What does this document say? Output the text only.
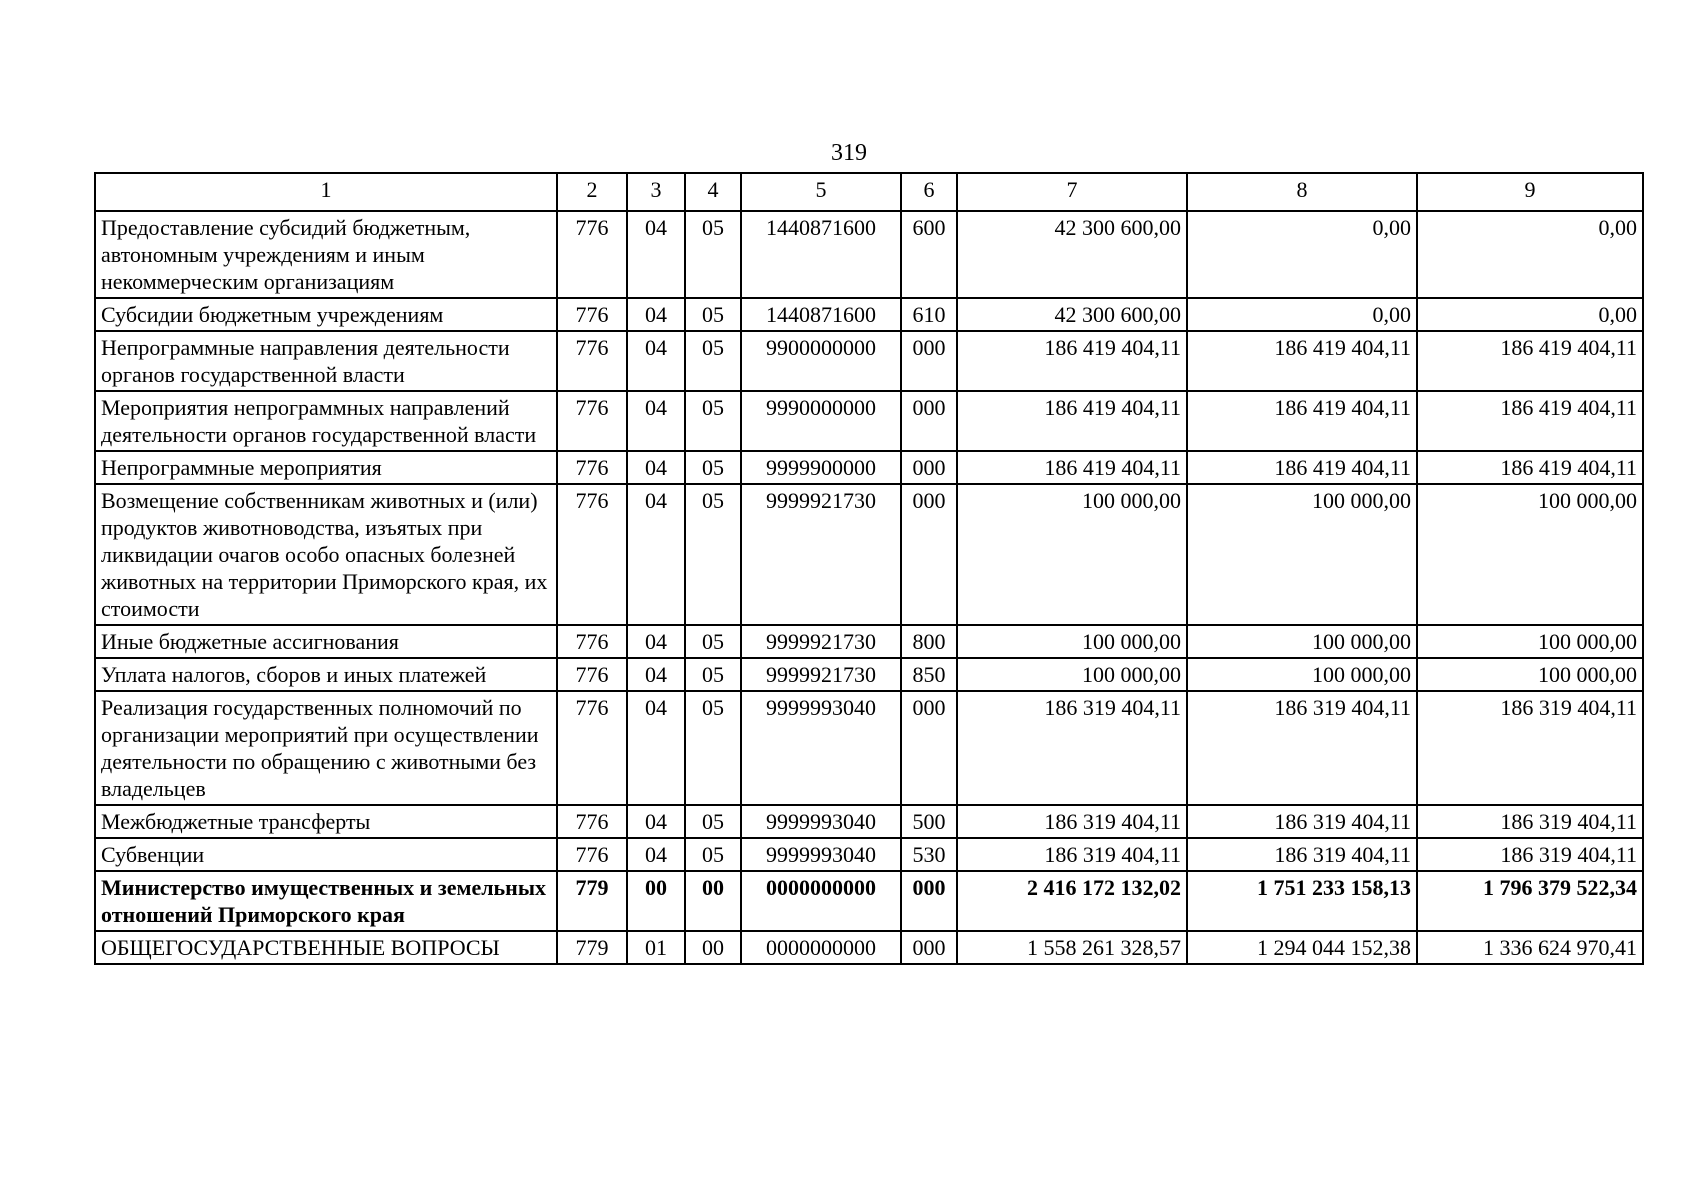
319
1	2	3	4	5	6	7	8	9
Предоставление субсидий бюджетным, автономным учреждениям и иным некоммерческим организациям	776	04	05	1440871600	600	42 300 600,00	0,00	0,00
Субсидии бюджетным учреждениям	776	04	05	1440871600	610	42 300 600,00	0,00	0,00
Непрограммные направления деятельности органов государственной власти	776	04	05	9900000000	000	186 419 404,11	186 419 404,11	186 419 404,11
Мероприятия непрограммных направлений деятельности органов государственной власти	776	04	05	9990000000	000	186 419 404,11	186 419 404,11	186 419 404,11
Непрограммные мероприятия	776	04	05	9999900000	000	186 419 404,11	186 419 404,11	186 419 404,11
Возмещение собственникам животных и (или) продуктов животноводства, изъятых при ликвидации очагов особо опасных болезней животных на территории Приморского края, их стоимости	776	04	05	9999921730	000	100 000,00	100 000,00	100 000,00
Иные бюджетные ассигнования	776	04	05	9999921730	800	100 000,00	100 000,00	100 000,00
Уплата налогов, сборов и иных платежей	776	04	05	9999921730	850	100 000,00	100 000,00	100 000,00
Реализация государственных полномочий по организации мероприятий при осуществлении деятельности по обращению с животными без владельцев	776	04	05	9999993040	000	186 319 404,11	186 319 404,11	186 319 404,11
Межбюджетные трансферты	776	04	05	9999993040	500	186 319 404,11	186 319 404,11	186 319 404,11
Субвенции	776	04	05	9999993040	530	186 319 404,11	186 319 404,11	186 319 404,11
Министерство имущественных и земельных отношений Приморского края	779	00	00	0000000000	000	2 416 172 132,02	1 751 233 158,13	1 796 379 522,34
ОБЩЕГОСУДАРСТВЕННЫЕ ВОПРОСЫ	779	01	00	0000000000	000	1 558 261 328,57	1 294 044 152,38	1 336 624 970,41
